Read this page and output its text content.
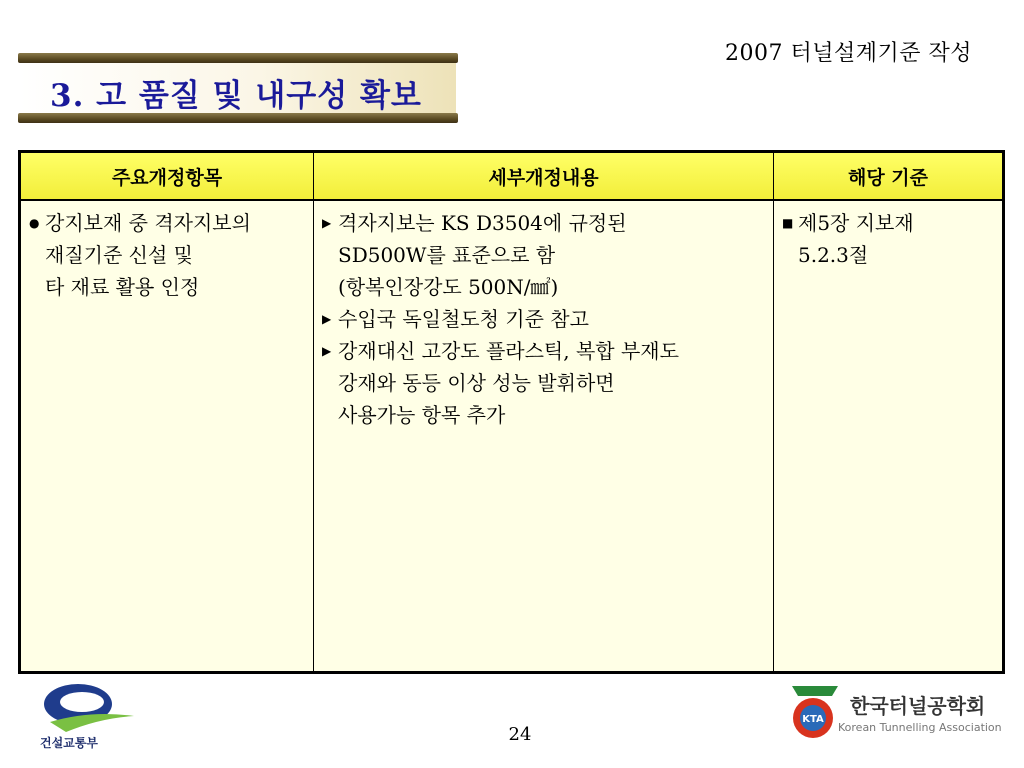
2007 터널설계기준 작성
3. 고 품질 및 내구성 확보
주요개정항목	세부개정내용	해당 기준
● 강지보재 중 격자지보의
재질기준 신설 및
타 재료 활용 인정
▶ 격자지보는 KS D3504에 규정된
SD500W를 표준으로 함
(항복인장강도 500N/㎟)
▶ 수입국 독일철도청 기준 참고
▶ 강재대신 고강도 플라스틱, 복합 부재도
강재와 동등 이상 성능 발휘하면
사용가능 항목 추가
■ 제5장 지보재
5.2.3절
건설교통부	24
KTA
한국터널공학회
Korean Tunnelling Association
